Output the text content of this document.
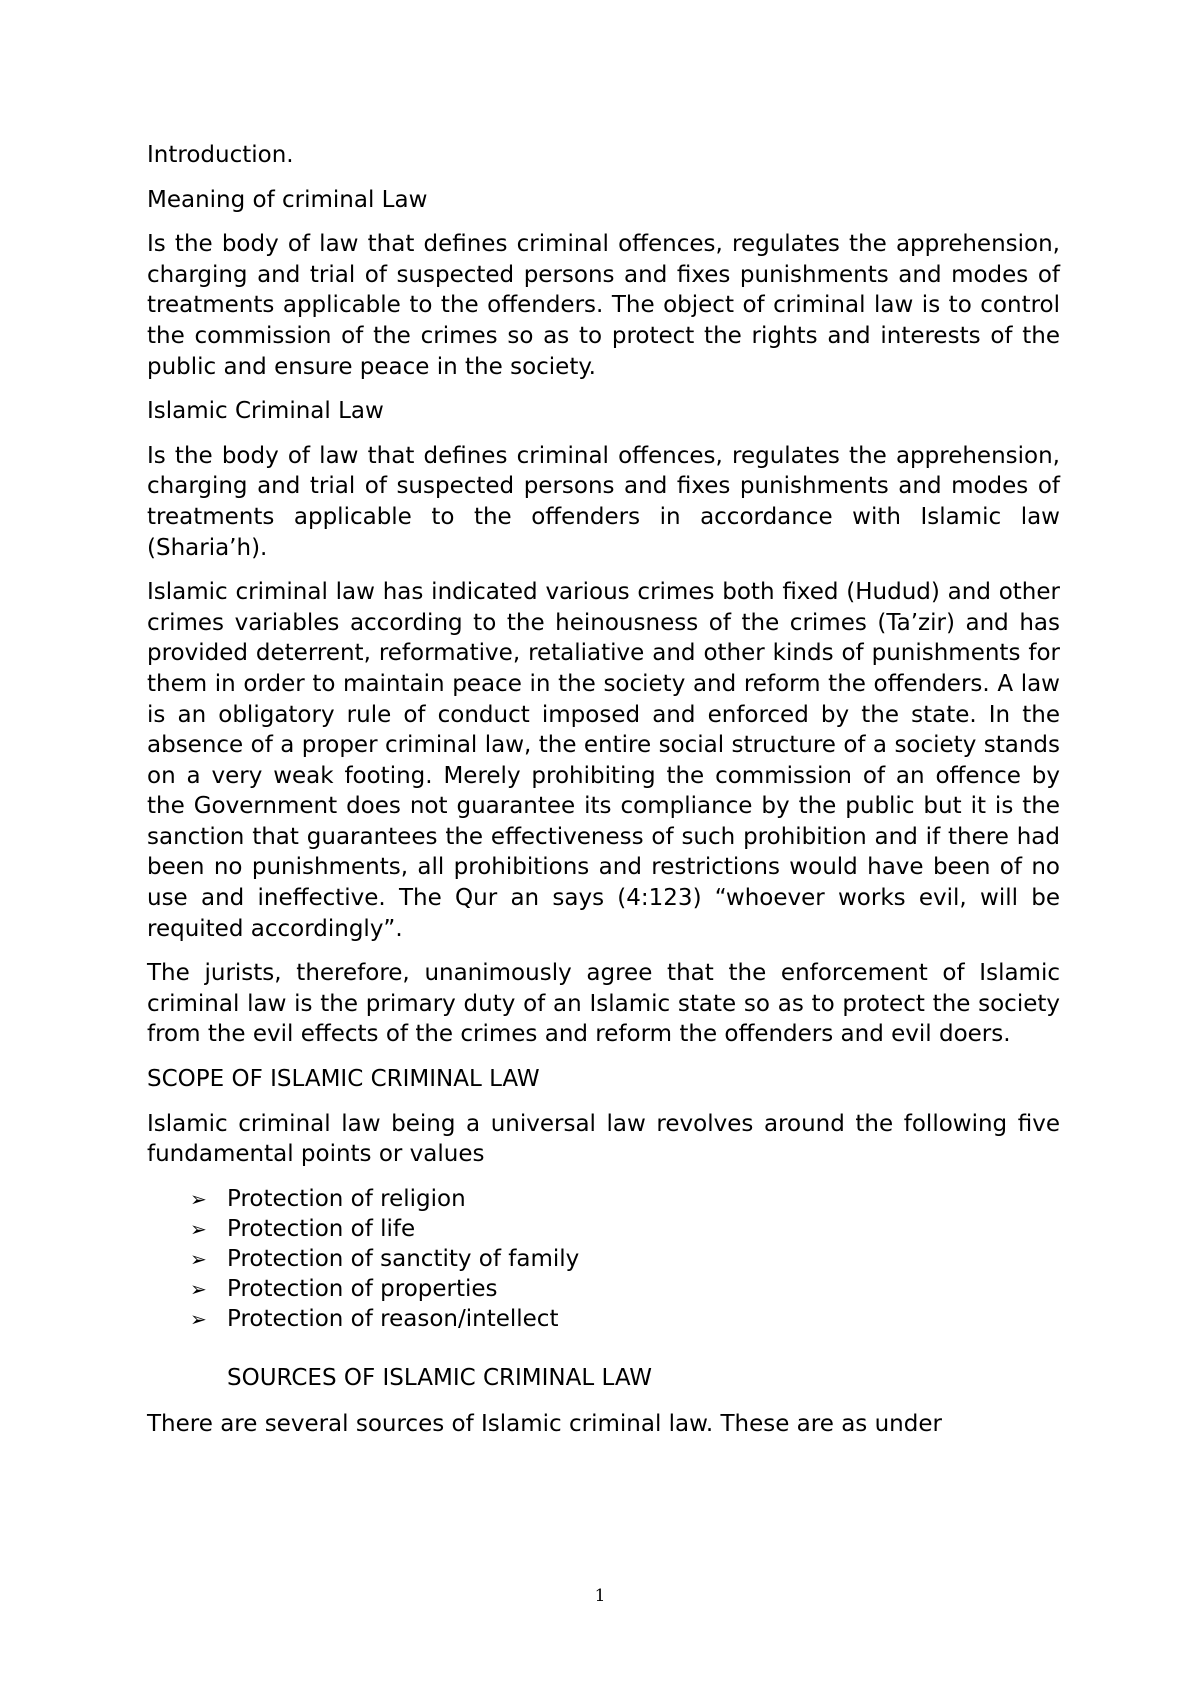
Introduction.

Meaning of criminal Law

Is the body of law that defines criminal offences, regulates the apprehension, charging and trial of suspected persons and fixes punishments and modes of treatments applicable to the offenders. The object of criminal law is to control the commission of the crimes so as to protect the rights and interests of the public and ensure peace in the society.

Islamic Criminal Law

Is the body of law that defines criminal offences, regulates the apprehension, charging and trial of suspected persons and fixes punishments and modes of treatments applicable to the offenders in accordance with Islamic law (Sharia’h).

Islamic criminal law has indicated various crimes both fixed (Hudud) and other crimes variables according to the heinousness of the crimes (Ta’zir) and has provided deterrent, reformative, retaliative and other kinds of punishments for them in order to maintain peace in the society and reform the offenders. A law is an obligatory rule of conduct imposed and enforced by the state. In the absence of a proper criminal law, the entire social structure of a society stands on a very weak footing. Merely prohibiting the commission of an offence by the Government does not guarantee its compliance by the public but it is the sanction that guarantees the effectiveness of such prohibition and if there had been no punishments, all prohibitions and restrictions would have been of no use and ineffective. The Qur an says (4:123) “whoever works evil, will be requited accordingly”.

The jurists, therefore, unanimously agree that the enforcement of Islamic criminal law is the primary duty of an Islamic state so as to protect the society from the evil effects of the crimes and reform the offenders and evil doers.

SCOPE OF ISLAMIC CRIMINAL LAW

Islamic criminal law being a universal law revolves around the following five fundamental points or values

➢ Protection of religion
➢ Protection of life
➢ Protection of sanctity of family
➢ Protection of properties
➢ Protection of reason/intellect

SOURCES OF ISLAMIC CRIMINAL LAW

There are several sources of Islamic criminal law. These are as under

1
